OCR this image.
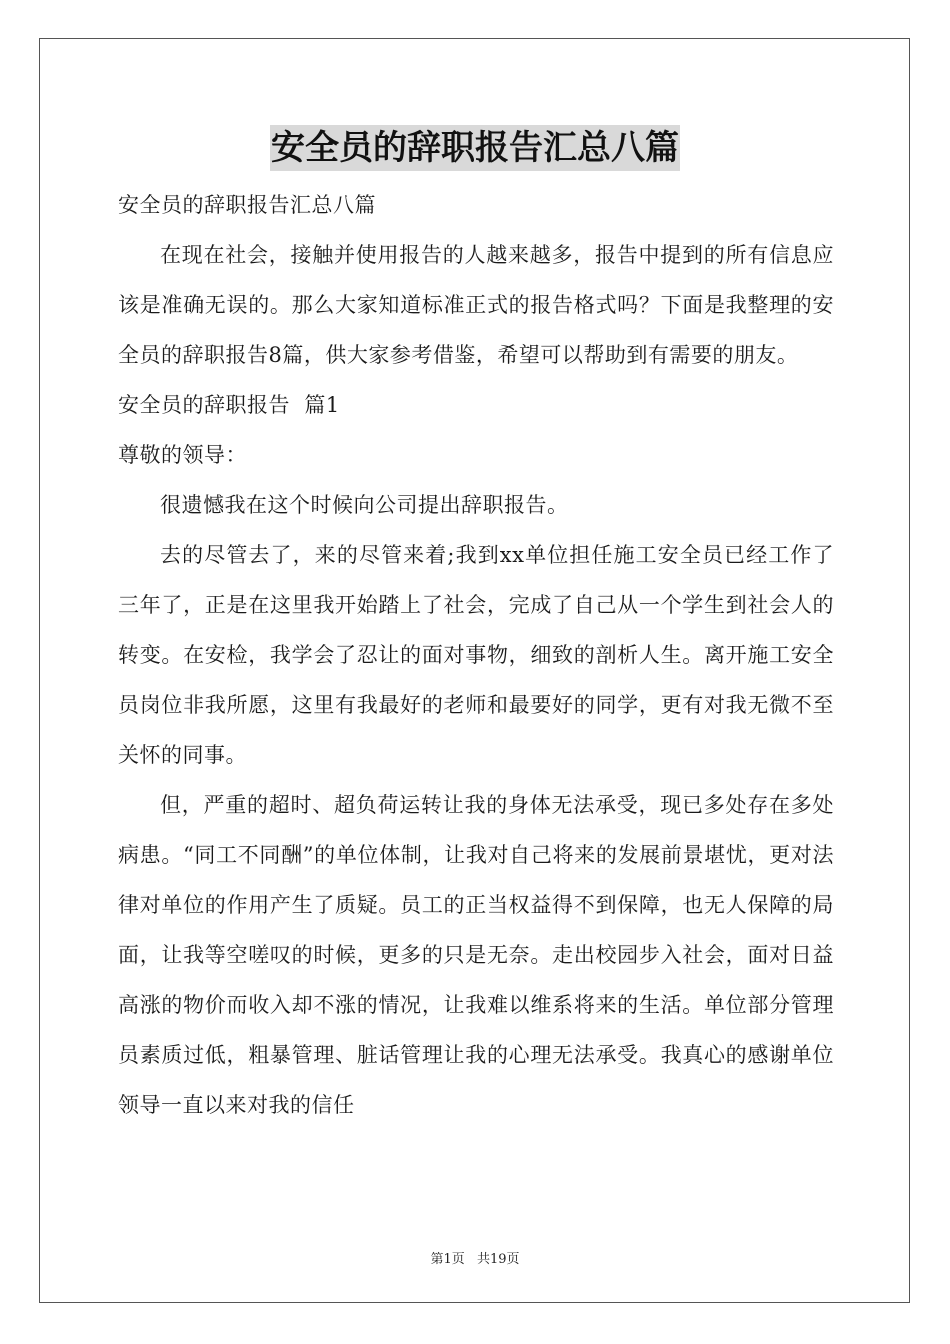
安全员的辞职报告汇总八篇

安全员的辞职报告汇总八篇

在现在社会，接触并使用报告的人越来越多，报告中提到的所有信息应该是准确无误的。那么大家知道标准正式的报告格式吗？下面是我整理的安全员的辞职报告8篇，供大家参考借鉴，希望可以帮助到有需要的朋友。

安全员的辞职报告  篇1

尊敬的领导：

很遗憾我在这个时候向公司提出辞职报告。

去的尽管去了，来的尽管来着;我到xx单位担任施工安全员已经工作了三年了，正是在这里我开始踏上了社会，完成了自己从一个学生到社会人的转变。在安检，我学会了忍让的面对事物，细致的剖析人生。离开施工安全员岗位非我所愿，这里有我最好的老师和最要好的同学，更有对我无微不至关怀的同事。

但，严重的超时、超负荷运转让我的身体无法承受，现已多处存在多处病患。“同工不同酬”的单位体制，让我对自己将来的发展前景堪忧，更对法律对单位的作用产生了质疑。员工的正当权益得不到保障，也无人保障的局面，让我等空嗟叹的时候，更多的只是无奈。走出校园步入社会，面对日益高涨的物价而收入却不涨的情况，让我难以维系将来的生活。单位部分管理员素质过低，粗暴管理、脏话管理让我的心理无法承受。我真心的感谢单位领导一直以来对我的信任

第1页 共19页
